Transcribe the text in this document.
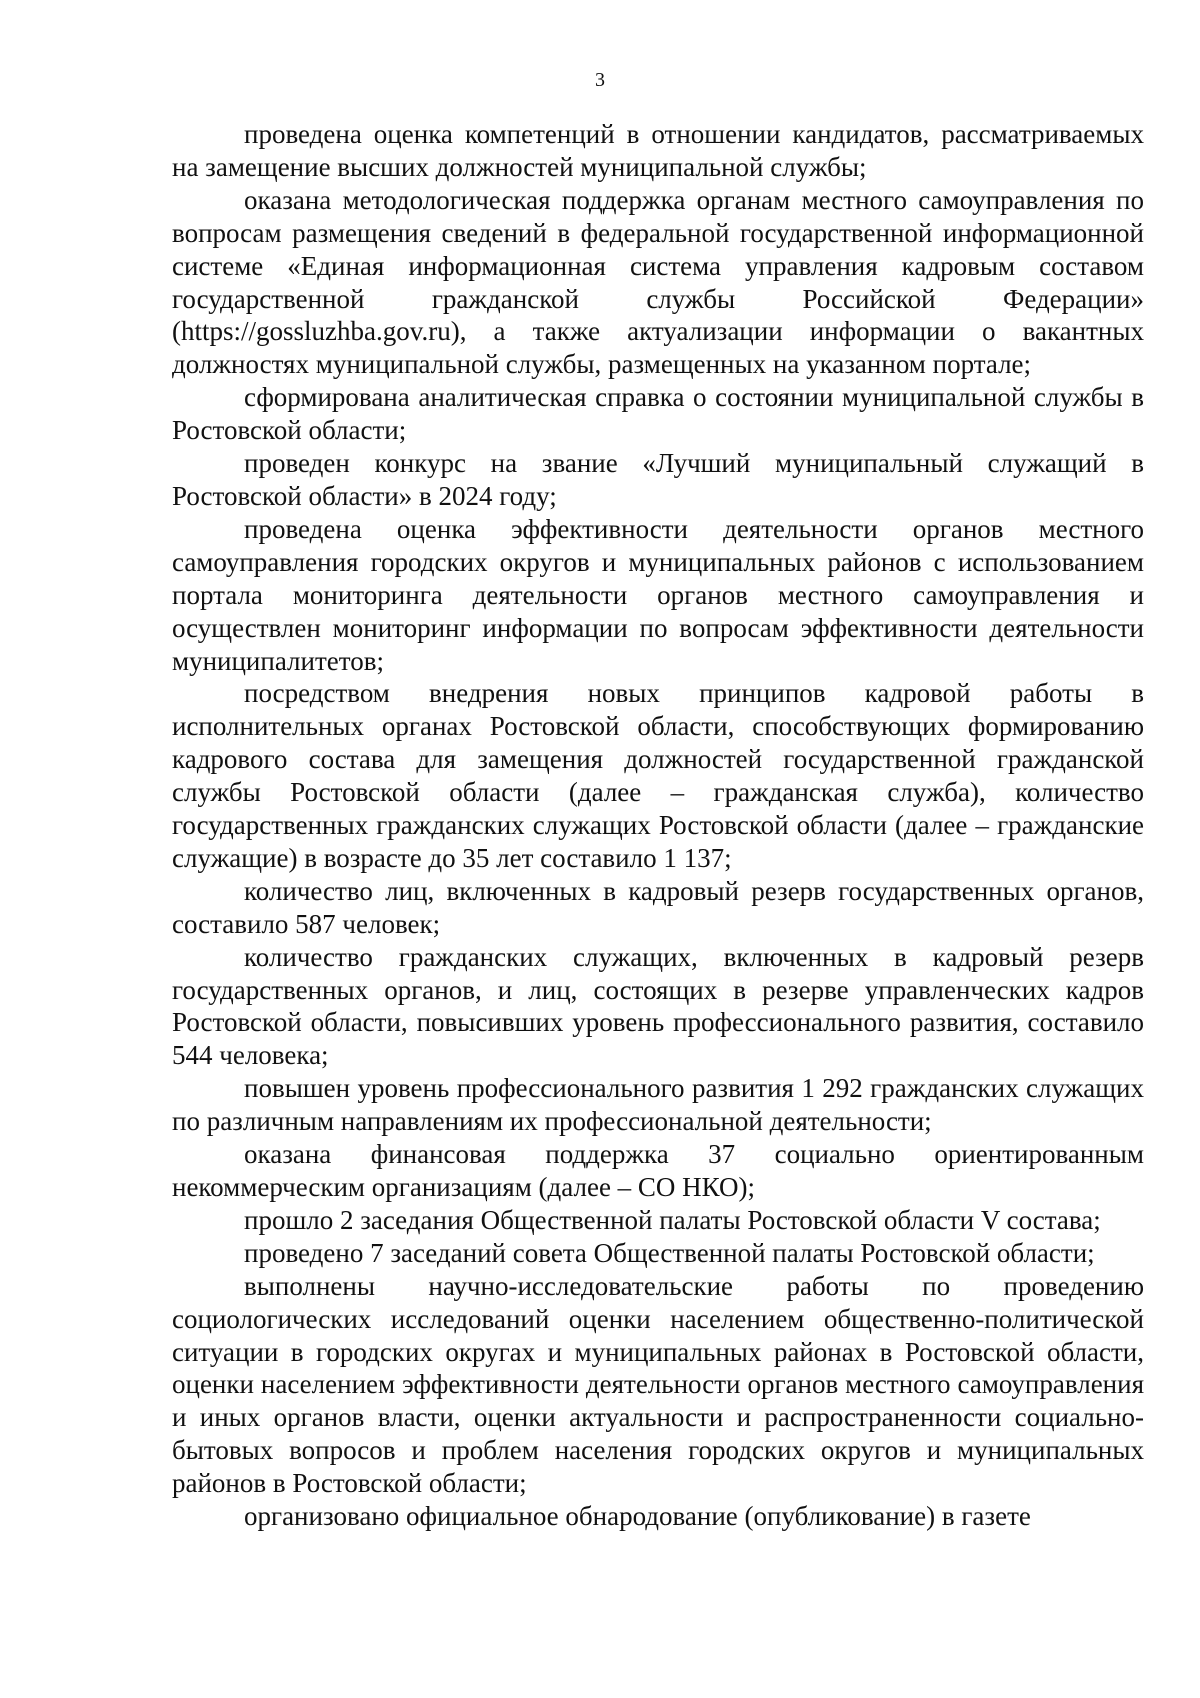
3

проведена оценка компетенций в отношении кандидатов, рассматриваемых на замещение высших должностей муниципальной службы;

оказана методологическая поддержка органам местного самоуправления по вопросам размещения сведений в федеральной государственной информационной системе «Единая информационная система управления кадровым составом государственной гражданской службы Российской Федерации» (https://gossluzhba.gov.ru), а также актуализации информации о вакантных должностях муниципальной службы, размещенных на указанном портале;

сформирована аналитическая справка о состоянии муниципальной службы в Ростовской области;

проведен конкурс на звание «Лучший муниципальный служащий в Ростовской области» в 2024 году;

проведена оценка эффективности деятельности органов местного самоуправления городских округов и муниципальных районов с использованием портала мониторинга деятельности органов местного самоуправления и осуществлен мониторинг информации по вопросам эффективности деятельности муниципалитетов;

посредством внедрения новых принципов кадровой работы в исполнительных органах Ростовской области, способствующих формированию кадрового состава для замещения должностей государственной гражданской службы Ростовской области (далее – гражданская служба), количество государственных гражданских служащих Ростовской области (далее – гражданские служащие) в возрасте до 35 лет составило 1 137;

количество лиц, включенных в кадровый резерв государственных органов, составило 587 человек;

количество гражданских служащих, включенных в кадровый резерв государственных органов, и лиц, состоящих в резерве управленческих кадров Ростовской области, повысивших уровень профессионального развития, составило 544 человека;

повышен уровень профессионального развития 1 292 гражданских служащих по различным направлениям их профессиональной деятельности;

оказана финансовая поддержка 37 социально ориентированным некоммерческим организациям (далее – СО НКО);

прошло 2 заседания Общественной палаты Ростовской области V состава;

проведено 7 заседаний совета Общественной палаты Ростовской области;

выполнены научно-исследовательские работы по проведению социологических исследований оценки населением общественно-политической ситуации в городских округах и муниципальных районах в Ростовской области, оценки населением эффективности деятельности органов местного самоуправления и иных органов власти, оценки актуальности и распространенности социально-бытовых вопросов и проблем населения городских округов и муниципальных районов в Ростовской области;

организовано официальное обнародование (опубликование) в газете
